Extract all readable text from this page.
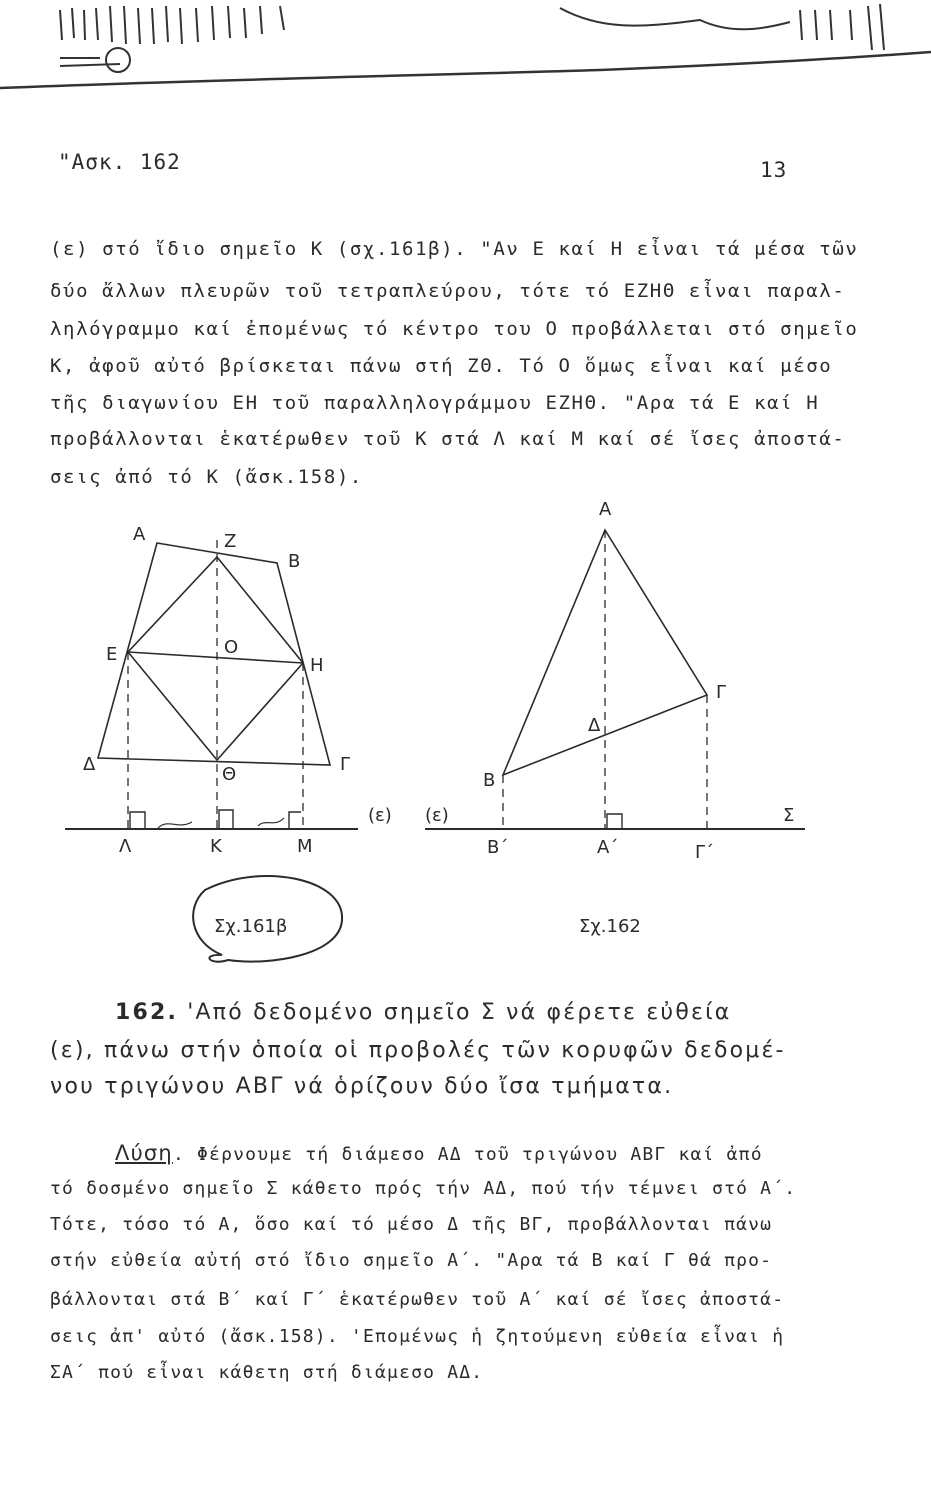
"Ασκ. 162	13
(ε) στό ἴδιο σημεῖο Κ (σχ.161β). "Αν Ε καί Η εἶναι τά μέσα τῶν
δύο ἄλλων πλευρῶν τοῦ τετραπλεύρου, τότε τό ΕΖΗΘ εἶναι παραλ-
ληλόγραμμο καί ἐπομένως τό κέντρο του Ο προβάλλεται στό σημεῖο
Κ, ἀφοῦ αὐτό βρίσκεται πάνω στή ΖΘ. Τό Ο ὅμως εἶναι καί μέσο
τῆς διαγωνίου ΕΗ τοῦ παραλληλογράμμου ΕΖΗΘ. "Αρα τά Ε καί Η
προβάλλονται ἑκατέρωθεν τοῦ Κ στά Λ καί Μ καί σέ ἴσες ἀποστά-
σεις ἀπό τό Κ (ἄσκ.158).
Α	Ζ
Β
Ε	Ο
Η
Δ	Γ
Θ
(ε)
Λ	Κ	Μ
Α
Γ
Δ
Β
(ε)	Σ
Β΄	Α΄	Γ΄
Σχ.161β	Σχ.162
162. 'Από δεδομένο σημεῖο Σ νά φέρετε εὐθεία
(ε), πάνω στήν ὁποία οἱ προβολές τῶν κορυφῶν δεδομέ-
νου τριγώνου ΑΒΓ νά ὁρίζουν δύο ἴσα τμήματα.
Λύση. Φέρνουμε τή διάμεσο ΑΔ τοῦ τριγώνου ΑΒΓ καί ἀπό
τό δοσμένο σημεῖο Σ κάθετο πρός τήν ΑΔ, πού τήν τέμνει στό Α΄.
Τότε, τόσο τό Α, ὅσο καί τό μέσο Δ τῆς ΒΓ, προβάλλονται πάνω
στήν εὐθεία αὐτή στό ἴδιο σημεῖο Α΄. "Αρα τά Β καί Γ θά προ-
βάλλονται στά Β΄ καί Γ΄ ἑκατέρωθεν τοῦ Α΄ καί σέ ἴσες ἀποστά-
σεις ἀπ' αὐτό (ἄσκ.158). 'Επομένως ἡ ζητούμενη εὐθεία εἶναι ἡ
ΣΑ΄ πού εἶναι κάθετη στή διάμεσο ΑΔ.
